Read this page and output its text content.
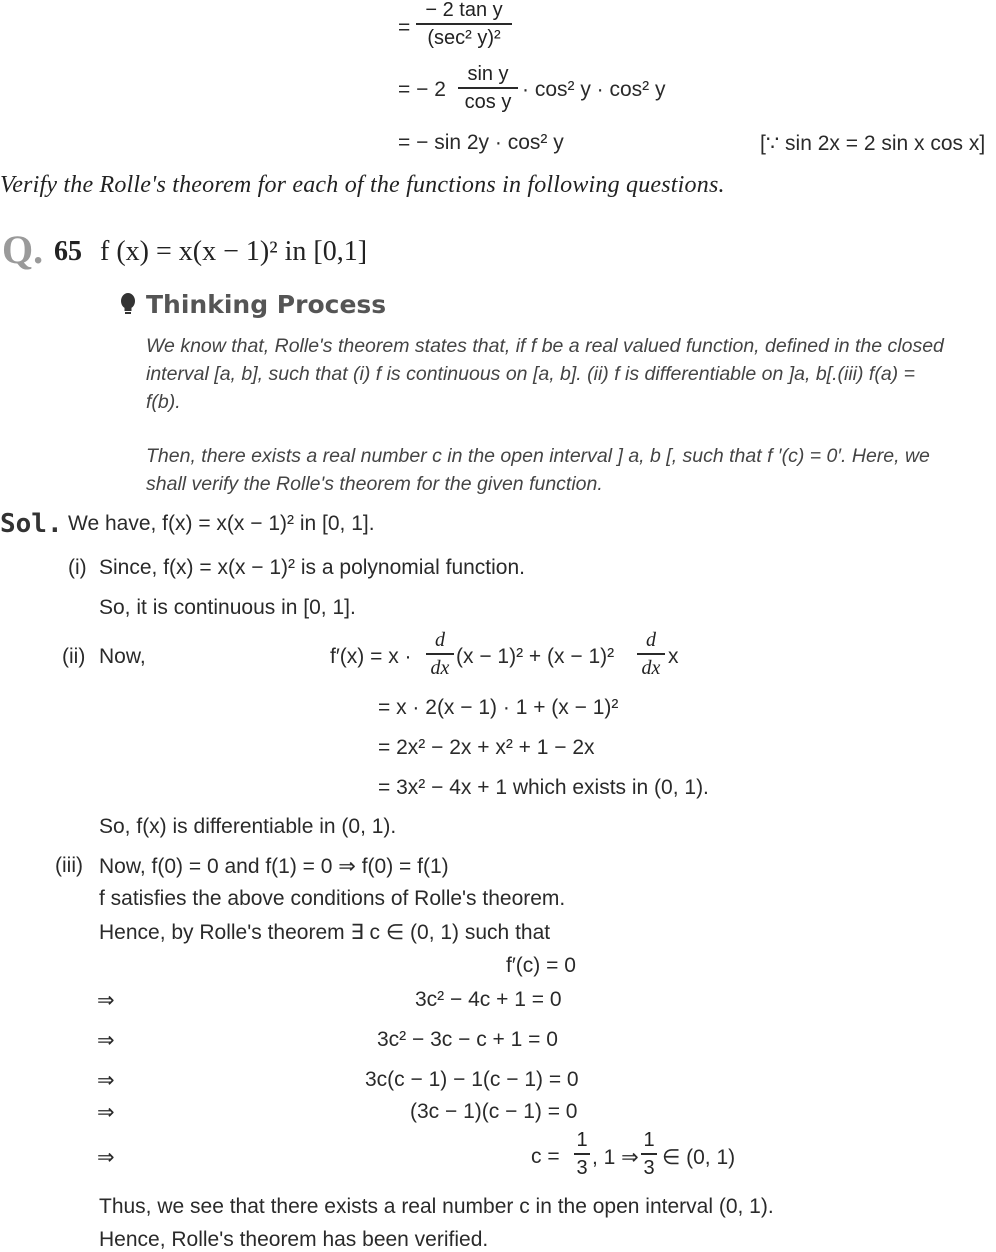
=
− 2 tan y
(sec² y)²
= − 2
sin y
cos y
· cos² y · cos² y
= − sin 2y · cos² y	[∵ sin 2x = 2 sin x cos x]
Verify the Rolle's theorem for each of the functions in following questions.
Q. 65 f (x) = x(x − 1)² in [0,1]
Thinking Process
We know that, Rolle's theorem states that, if f be a real valued function, defined in the closed interval [a, b], such that (i) f is continuous on [a, b]. (ii) f is differentiable on ]a, b[.(iii) f(a) = f(b).
Then, there exists a real number c in the open interval ] a, b [, such that f ′(c) = 0′. Here, we shall verify the Rolle's theorem for the given function.
Sol. We have, f(x) = x(x − 1)² in [0, 1].
(i) Since, f(x) = x(x − 1)² is a polynomial function.
So, it is continuous in [0, 1].
(ii) Now,	f′(x) = x ·
d
dx (x − 1)² + (x − 1)²
d
dx x
= x · 2(x − 1) · 1 + (x − 1)²
= 2x² − 2x + x² + 1 − 2x
= 3x² − 4x + 1 which exists in (0, 1).
So, f(x) is differentiable in (0, 1).
(iii) Now, f(0) = 0 and f(1) = 0 ⇒ f(0) = f(1)
f satisfies the above conditions of Rolle's theorem.
Hence, by Rolle's theorem ∃ c ∈ (0, 1) such that
f′(c) = 0
⇒	3c² − 4c + 1 = 0
⇒	3c² − 3c − c + 1 = 0
⇒	3c(c − 1) − 1(c − 1) = 0
⇒	(3c − 1)(c − 1) = 0
⇒	c =
1
3 , 1 ⇒
1
3 ∈ (0, 1)
Thus, we see that there exists a real number c in the open interval (0, 1).
Hence, Rolle's theorem has been verified.
